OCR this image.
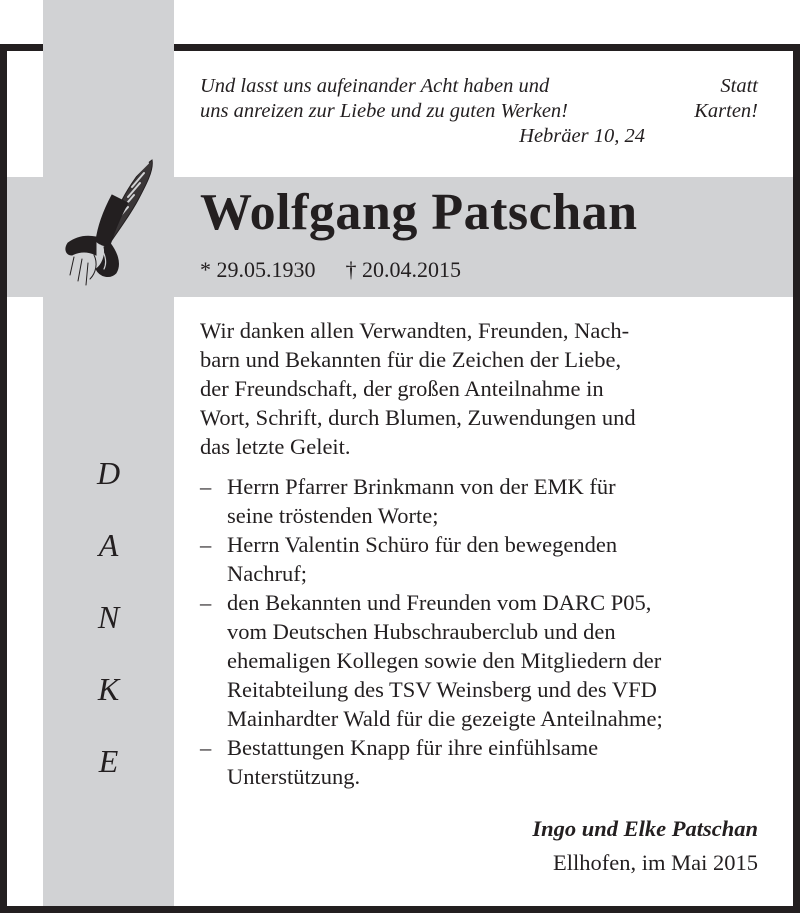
Und lasst uns aufeinander Acht haben und
uns anreizen zur Liebe und zu guten Werken!
Hebräer 10, 24
Statt
Karten!
Wolfgang Patschan
* 29.05.1930 † 20.04.2015
D
A
N
K
E
Wir danken allen Verwandten, Freunden, Nach-
barn und Bekannten für die Zeichen der Liebe,
der Freundschaft, der großen Anteilnahme in
Wort, Schrift, durch Blumen, Zuwendungen und
das letzte Geleit.
– Herrn Pfarrer Brinkmann von der EMK für
seine tröstenden Worte;
– Herrn Valentin Schüro für den bewegenden
Nachruf;
– den Bekannten und Freunden vom DARC P05,
vom Deutschen Hubschrauberclub und den
ehemaligen Kollegen sowie den Mitgliedern der
Reitabteilung des TSV Weinsberg und des VFD
Mainhardter Wald für die gezeigte Anteilnahme;
– Bestattungen Knapp für ihre einfühlsame
Unterstützung.
Ingo und Elke Patschan
Ellhofen, im Mai 2015
